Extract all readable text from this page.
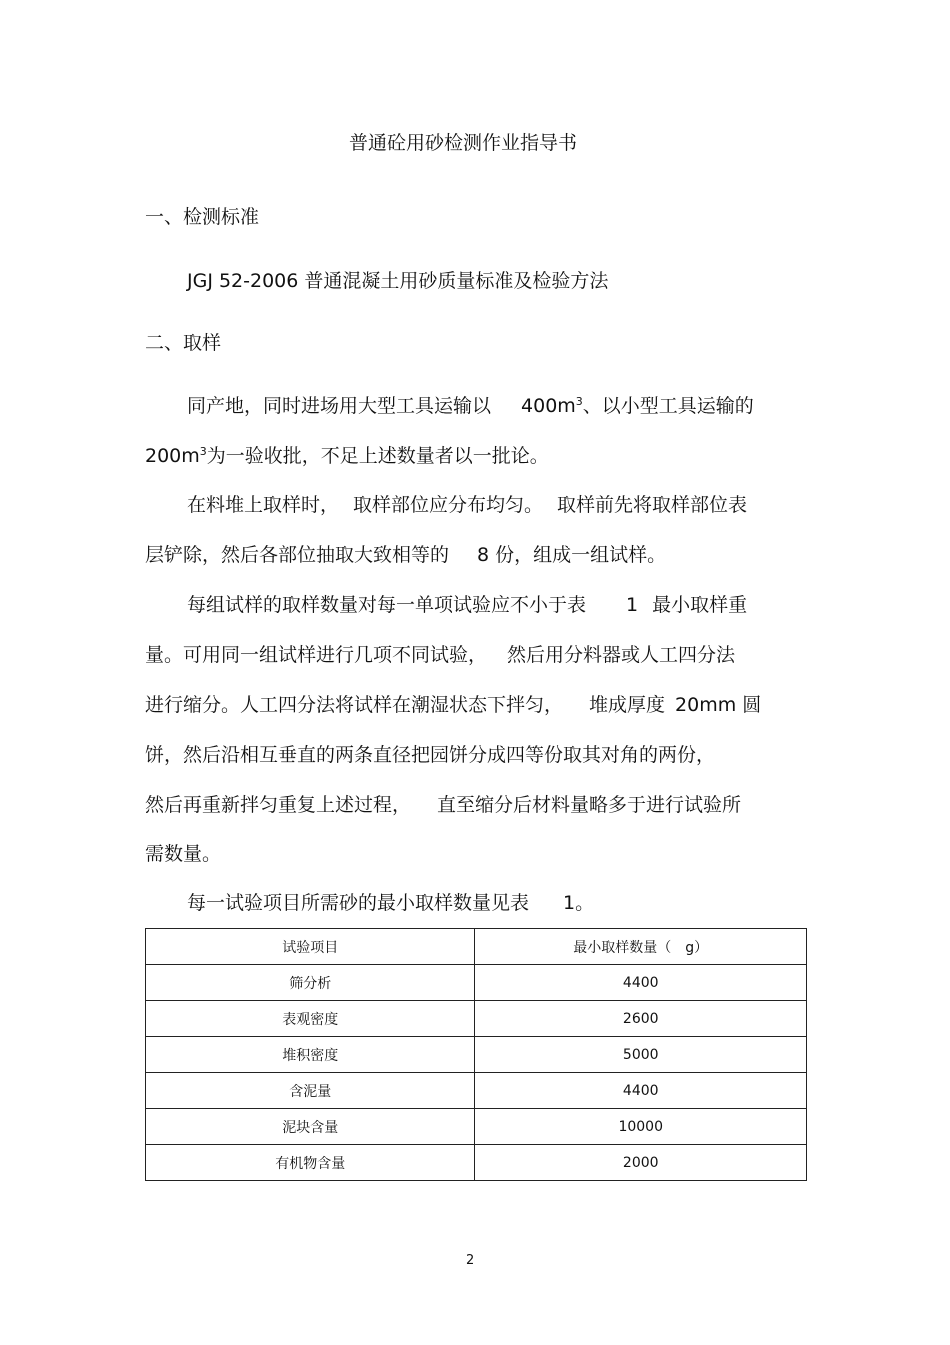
普通砼用砂检测作业指导书
一、检测标准
JGJ 52-2006 普通混凝土用砂质量标准及检验方法
二、取样
同产地，同时进场用大型工具运输以 $400m^3$、以小型工具运输的
$200m^3$为一验收批，不足上述数量者以一批论。
在料堆上取样时， 取样部位应分布均匀。 取样前先将取样部位表
层铲除，然后各部位抽取大致相等的 8 份，组成一组试样。
每组试样的取样数量对每一单项试验应不小于表 1 最小取样重
量。可用同一组试样进行几项不同试验， 然后用分料器或人工四分法
进行缩分。人工四分法将试样在潮湿状态下拌匀， 堆成厚度 20mm 圆
饼，然后沿相互垂直的两条直径把园饼分成四等份取其对角的两份，
然后再重新拌匀重复上述过程， 直至缩分后材料量略多于进行试验所
需数量。
每一试验项目所需砂的最小取样数量见表 1。
试验项目	最小取样数量（　g）
筛分析	4400
表观密度	2600
堆积密度	5000
含泥量	4400
泥块含量	10000
有机物含量	2000
2
